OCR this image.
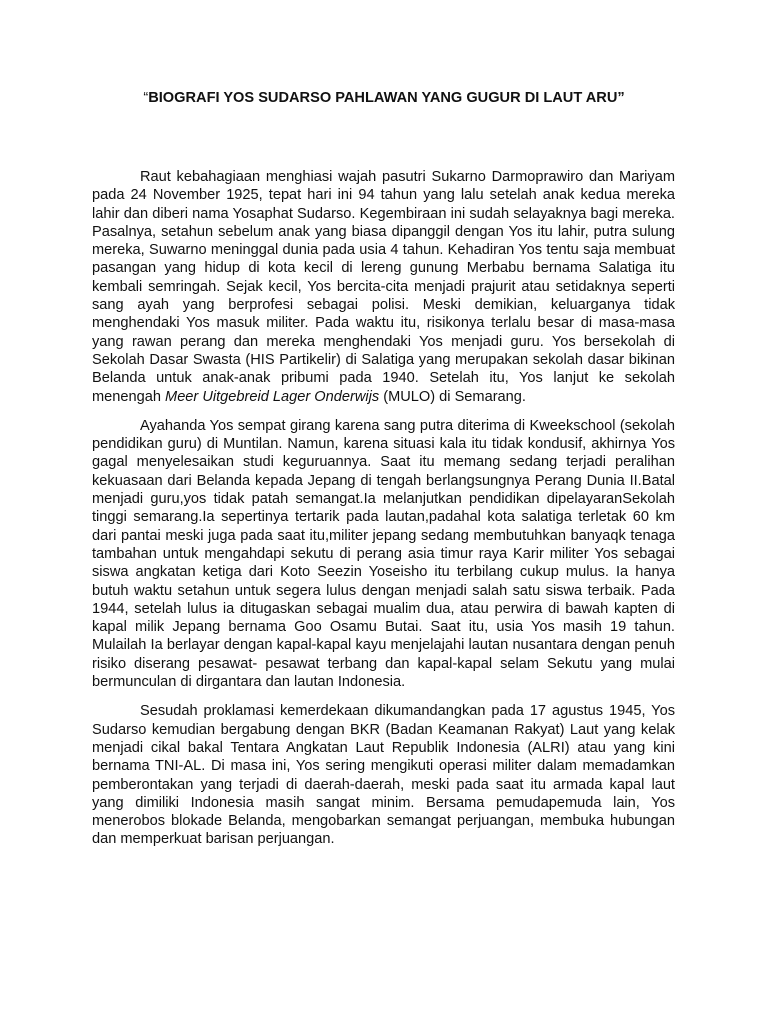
“BIOGRAFI YOS SUDARSO PAHLAWAN YANG GUGUR DI LAUT ARU”

Raut kebahagiaan menghiasi wajah pasutri Sukarno Darmoprawiro dan Mariyam pada 24 November 1925, tepat hari ini 94 tahun yang lalu setelah anak kedua mereka lahir dan diberi nama Yosaphat Sudarso. Kegembiraan ini sudah selayaknya bagi mereka. Pasalnya, setahun sebelum anak yang biasa dipanggil dengan Yos itu lahir, putra sulung mereka, Suwarno meninggal dunia pada usia 4 tahun. Kehadiran Yos tentu saja membuat pasangan yang hidup di kota kecil di lereng gunung Merbabu bernama Salatiga itu kembali semringah. Sejak kecil, Yos bercita-cita menjadi prajurit atau setidaknya seperti sang ayah yang berprofesi sebagai polisi. Meski demikian, keluarganya tidak menghendaki Yos masuk militer. Pada waktu itu, risikonya terlalu besar di masa-masa yang rawan perang dan mereka menghendaki Yos menjadi guru. Yos bersekolah di Sekolah Dasar Swasta (HIS Partikelir) di Salatiga yang merupakan sekolah dasar bikinan Belanda untuk anak-anak pribumi pada 1940. Setelah itu, Yos lanjut ke sekolah menengah Meer Uitgebreid Lager Onderwijs (MULO) di Semarang.

Ayahanda Yos sempat girang karena sang putra diterima di Kweekschool (sekolah pendidikan guru) di Muntilan. Namun, karena situasi kala itu tidak kondusif, akhirnya Yos gagal menyelesaikan studi keguruannya. Saat itu memang sedang terjadi peralihan kekuasaan dari Belanda kepada Jepang di tengah berlangsungnya Perang Dunia II.Batal menjadi guru,yos tidak patah semangat.Ia melanjutkan pendidikan dipelayaranSekolah tinggi semarang.Ia sepertinya tertarik pada lautan,padahal kota salatiga terletak 60 km dari pantai meski juga pada saat itu,militer jepang sedang membutuhkan banyaqk tenaga tambahan untuk mengahdapi sekutu di perang asia timur raya Karir militer Yos sebagai siswa angkatan ketiga dari Koto Seezin Yoseisho itu terbilang cukup mulus. Ia hanya butuh waktu setahun untuk segera lulus dengan menjadi salah satu siswa terbaik. Pada 1944, setelah lulus ia ditugaskan sebagai mualim dua, atau perwira di bawah kapten di kapal milik Jepang bernama Goo Osamu Butai. Saat itu, usia Yos masih 19 tahun. Mulailah Ia berlayar dengan kapal-kapal kayu menjelajahi lautan nusantara dengan penuh risiko diserang pesawat- pesawat terbang dan kapal-kapal selam Sekutu yang mulai bermunculan di dirgantara dan lautan Indonesia.

Sesudah proklamasi kemerdekaan dikumandangkan pada 17 agustus 1945, Yos Sudarso kemudian bergabung dengan BKR (Badan Keamanan Rakyat) Laut yang kelak menjadi cikal bakal Tentara Angkatan Laut Republik Indonesia (ALRI) atau yang kini bernama TNI-AL. Di masa ini, Yos sering mengikuti operasi militer dalam memadamkan pemberontakan yang terjadi di daerah-daerah, meski pada saat itu armada kapal laut yang dimiliki Indonesia masih sangat minim. Bersama pemudapemuda lain, Yos menerobos blokade Belanda, mengobarkan semangat perjuangan, membuka hubungan dan memperkuat barisan perjuangan.
